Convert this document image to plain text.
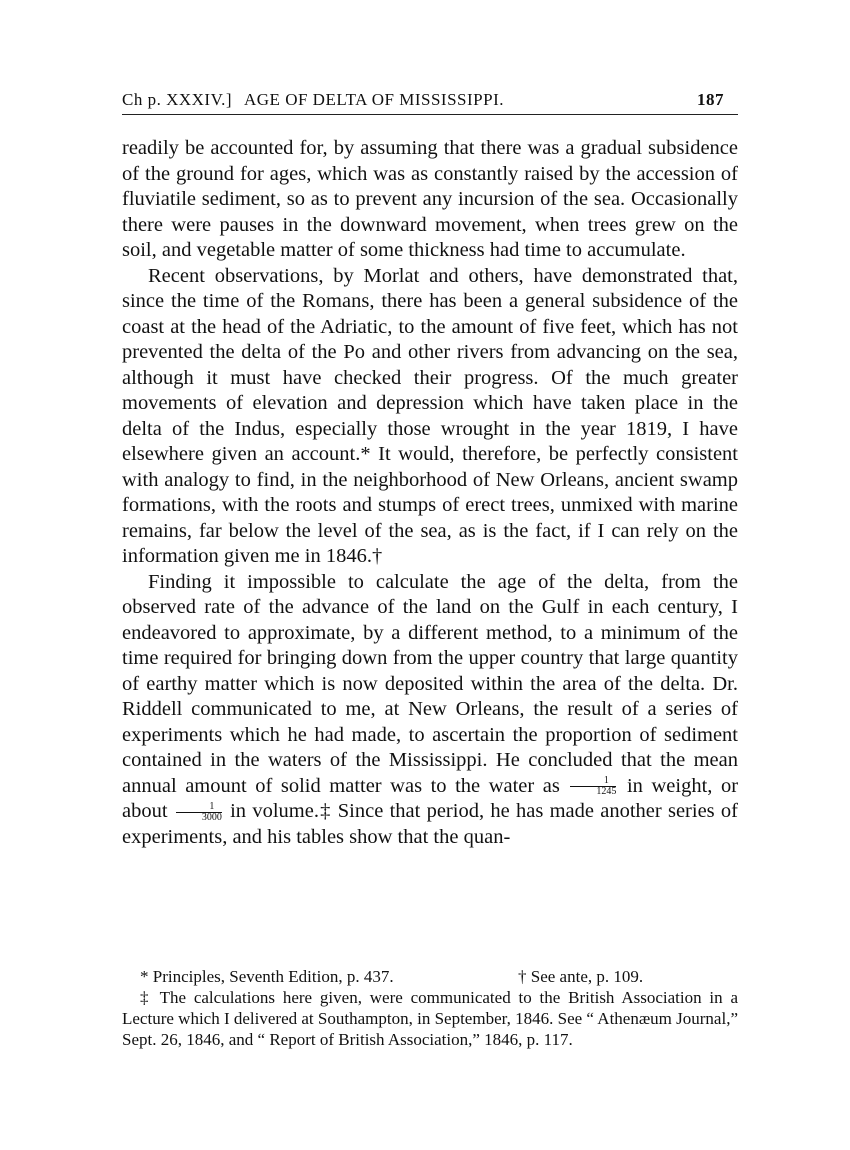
Ch p. XXXIV.] AGE OF DELTA OF MISSISSIPPI.	187

readily be accounted for, by assuming that there was a gradual subsidence of the ground for ages, which was as constantly raised by the accession of fluviatile sediment, so as to prevent any incursion of the sea. Occasionally there were pauses in the downward movement, when trees grew on the soil, and vegetable matter of some thickness had time to accumulate.

Recent observations, by Morlat and others, have demonstrated that, since the time of the Romans, there has been a general subsidence of the coast at the head of the Adriatic, to the amount of five feet, which has not prevented the delta of the Po and other rivers from advancing on the sea, although it must have checked their progress. Of the much greater movements of elevation and depression which have taken place in the delta of the Indus, especially those wrought in the year 1819, I have elsewhere given an account.* It would, therefore, be perfectly consistent with analogy to find, in the neighborhood of New Orleans, ancient swamp formations, with the roots and stumps of erect trees, unmixed with marine remains, far below the level of the sea, as is the fact, if I can rely on the information given me in 1846.†

Finding it impossible to calculate the age of the delta, from the observed rate of the advance of the land on the Gulf in each century, I endeavored to approximate, by a different method, to a minimum of the time required for bringing down from the upper country that large quantity of earthy matter which is now deposited within the area of the delta. Dr. Riddell communicated to me, at New Orleans, the result of a series of experiments which he had made, to ascertain the proportion of sediment contained in the waters of the Mississippi. He concluded that the mean annual amount of solid matter was to the water as $\frac{1}{1245}$ in weight, or about $\frac{1}{3000}$ in volume.‡ Since that period, he has made another series of experiments, and his tables show that the quan-

* Principles, Seventh Edition, p. 437.	† See ante, p. 109.

‡ The calculations here given, were communicated to the British Association in a Lecture which I delivered at Southampton, in September, 1846. See “ Athenæum Journal,” Sept. 26, 1846, and “ Report of British Association,” 1846, p. 117.
